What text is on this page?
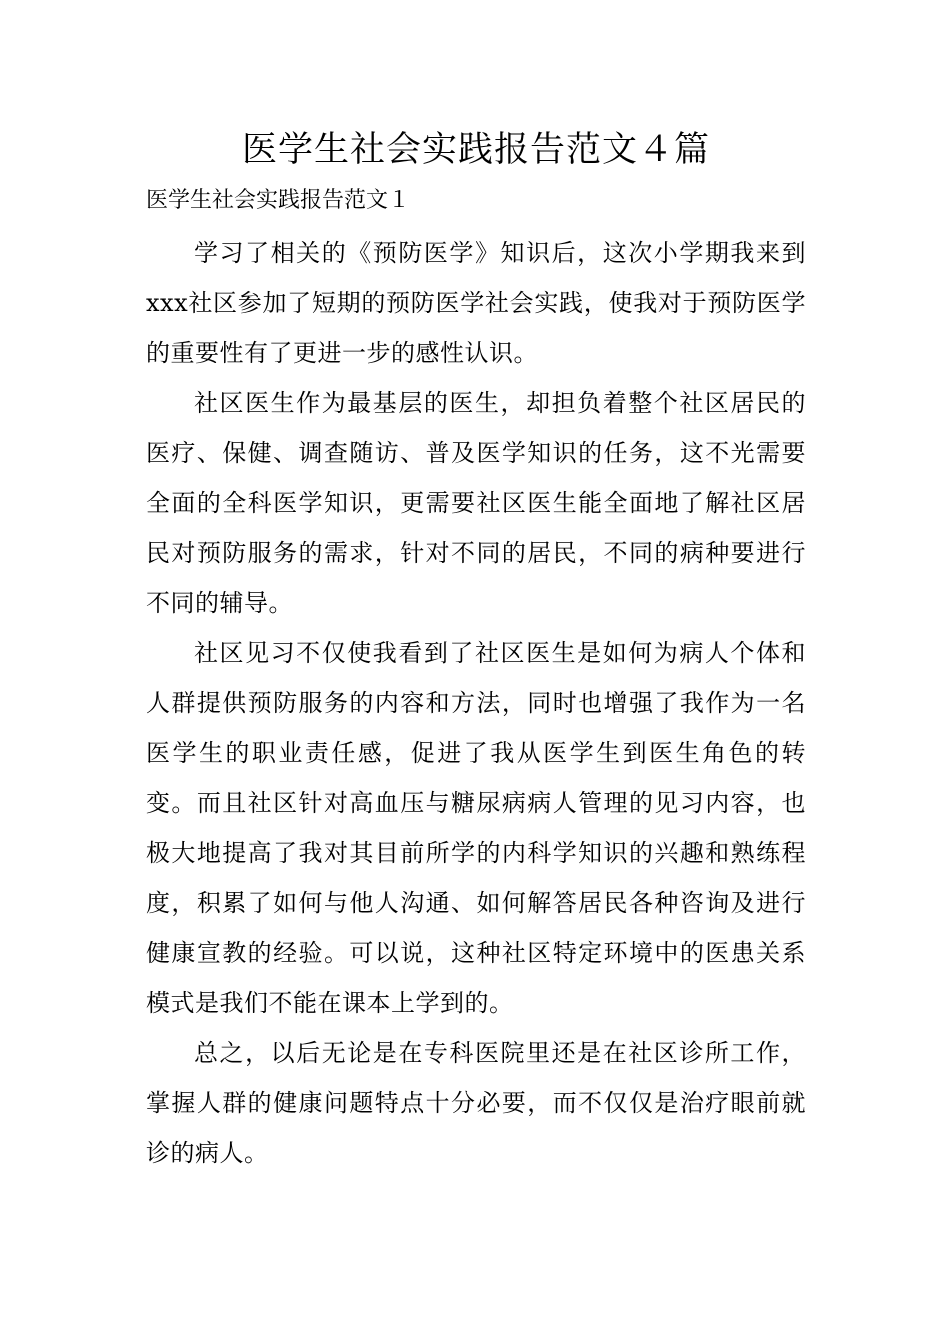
医学生社会实践报告范文４篇
医学生社会实践报告范文１

学习了相关的《预防医学》知识后，这次小学期我来到xxx社区参加了短期的预防医学社会实践，使我对于预防医学的重要性有了更进一步的感性认识。

社区医生作为最基层的医生，却担负着整个社区居民的医疗、保健、调查随访、普及医学知识的任务，这不光需要全面的全科医学知识，更需要社区医生能全面地了解社区居民对预防服务的需求，针对不同的居民，不同的病种要进行不同的辅导。

社区见习不仅使我看到了社区医生是如何为病人个体和人群提供预防服务的内容和方法，同时也增强了我作为一名医学生的职业责任感，促进了我从医学生到医生角色的转变。而且社区针对高血压与糖尿病病人管理的见习内容，也极大地提高了我对其目前所学的内科学知识的兴趣和熟练程度，积累了如何与他人沟通、如何解答居民各种咨询及进行健康宣教的经验。可以说，这种社区特定环境中的医患关系模式是我们不能在课本上学到的。

总之，以后无论是在专科医院里还是在社区诊所工作，掌握人群的健康问题特点十分必要，而不仅仅是治疗眼前就诊的病人。
